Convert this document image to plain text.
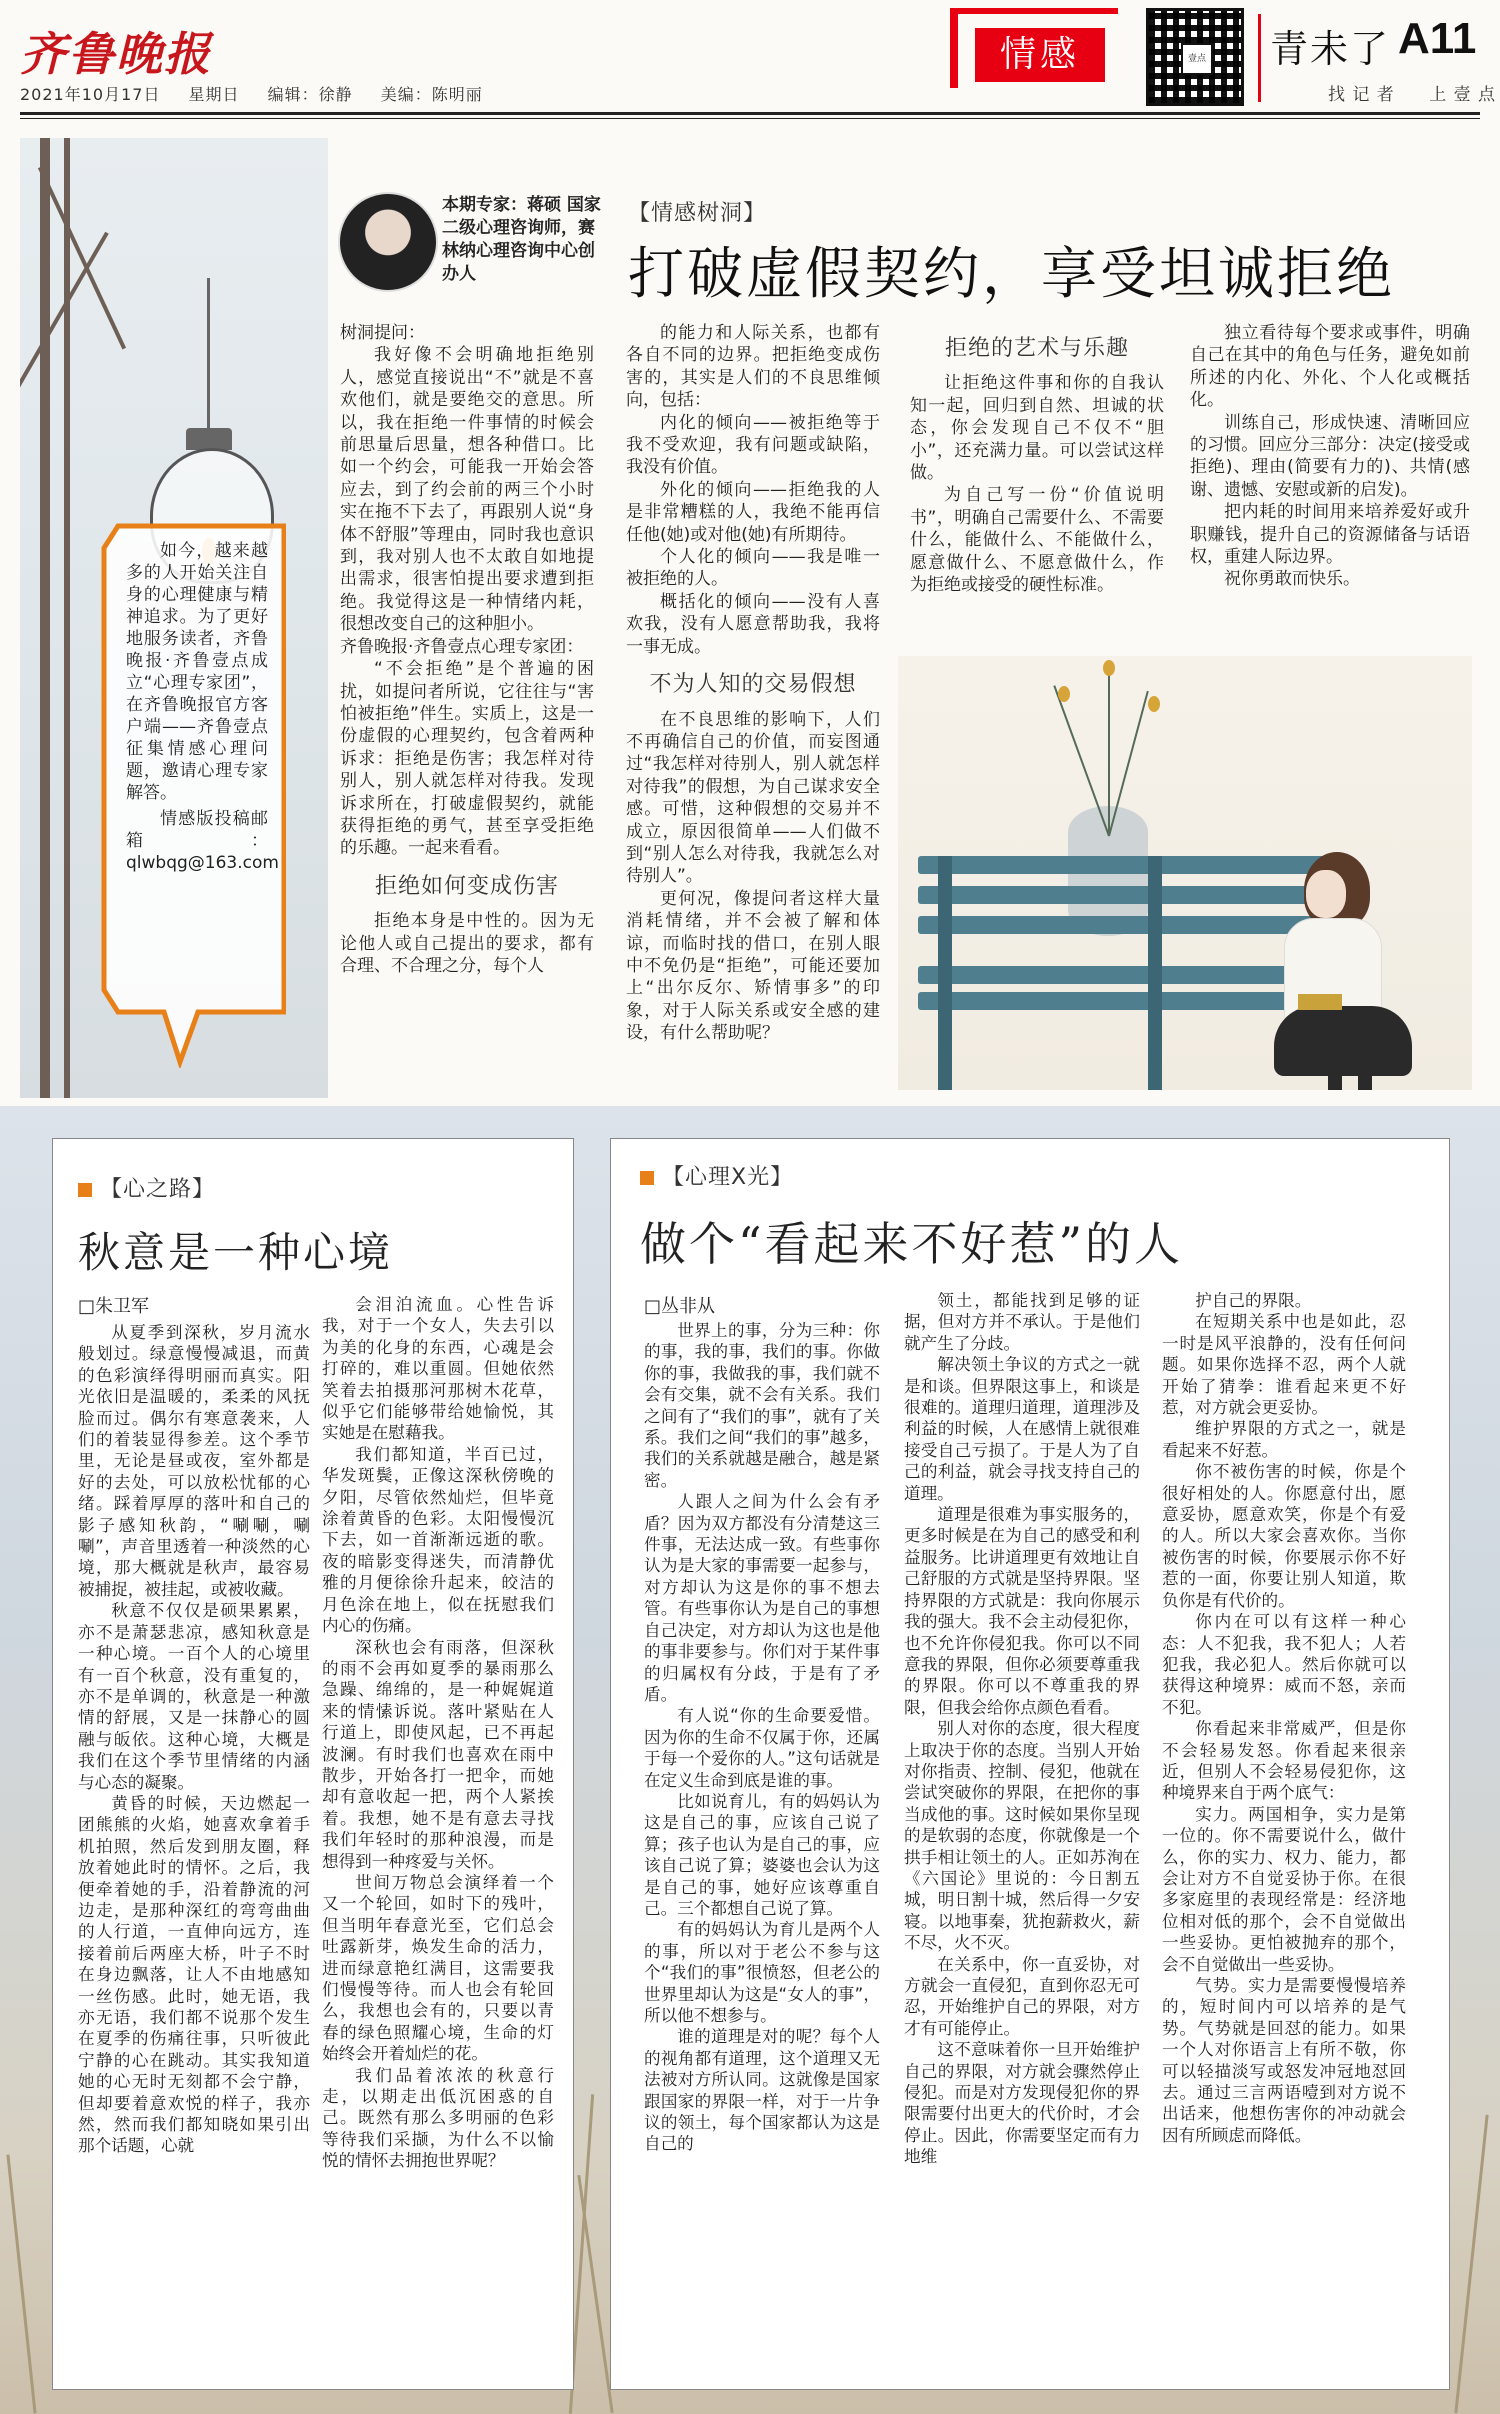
齐鲁晚报
2021年10月17日 星期日 编辑：徐静 美编：陈明丽
情感	壹点 青未了 A11
找 记 者 上 壹 点

如今，越来越多的人开始关注自身的心理健康与精神追求。为了更好地服务读者，齐鲁晚报·齐鲁壹点成立“心理专家团”，在齐鲁晚报官方客户端——齐鲁壹点征集情感心理问题，邀请心理专家解答。

情感版投稿邮箱：qlwbqg@163.com

本期专家：蒋硕 国家二级心理咨询师，赛林纳心理咨询中心创办人
【情感树洞】
打破虚假契约，享受坦诚拒绝

树洞提问：

我好像不会明确地拒绝别人，感觉直接说出“不”就是不喜欢他们，就是要绝交的意思。所以，我在拒绝一件事情的时候会前思量后思量，想各种借口。比如一个约会，可能我一开始会答应去，到了约会前的两三个小时实在拖不下去了，再跟别人说“身体不舒服”等理由，同时我也意识到，我对别人也不太敢自如地提出需求，很害怕提出要求遭到拒绝。我觉得这是一种情绪内耗，很想改变自己的这种胆小。

齐鲁晚报·齐鲁壹点心理专家团：

“不会拒绝”是个普遍的困扰，如提问者所说，它往往与“害怕被拒绝”伴生。实质上，这是一份虚假的心理契约，包含着两种诉求：拒绝是伤害；我怎样对待别人，别人就怎样对待我。发现诉求所在，打破虚假契约，就能获得拒绝的勇气，甚至享受拒绝的乐趣。一起来看看。

拒绝如何变成伤害

拒绝本身是中性的。因为无论他人或自己提出的要求，都有合理、不合理之分，每个人

的能力和人际关系，也都有各自不同的边界。把拒绝变成伤害的，其实是人们的不良思维倾向，包括：

内化的倾向——被拒绝等于我不受欢迎，我有问题或缺陷，我没有价值。

外化的倾向——拒绝我的人是非常糟糕的人，我绝不能再信任他(她)或对他(她)有所期待。

个人化的倾向——我是唯一被拒绝的人。

概括化的倾向——没有人喜欢我，没有人愿意帮助我，我将一事无成。

不为人知的交易假想

在不良思维的影响下，人们不再确信自己的价值，而妄图通过“我怎样对待别人，别人就怎样对待我”的假想，为自己谋求安全感。可惜，这种假想的交易并不成立，原因很简单——人们做不到“别人怎么对待我，我就怎么对待别人”。

更何况，像提问者这样大量消耗情绪，并不会被了解和体谅，而临时找的借口，在别人眼中不免仍是“拒绝”，可能还要加上“出尔反尔、矫情事多”的印象，对于人际关系或安全感的建设，有什么帮助呢？

拒绝的艺术与乐趣

让拒绝这件事和你的自我认知一起，回归到自然、坦诚的状态，你会发现自己不仅不“胆小”，还充满力量。可以尝试这样做。

为自己写一份“价值说明书”，明确自己需要什么、不需要什么，能做什么、不能做什么，愿意做什么、不愿意做什么，作为拒绝或接受的硬性标准。

独立看待每个要求或事件，明确自己在其中的角色与任务，避免如前所述的内化、外化、个人化或概括化。

训练自己，形成快速、清晰回应的习惯。回应分三部分：决定(接受或拒绝)、理由(简要有力的)、共情(感谢、遗憾、安慰或新的启发)。

把内耗的时间用来培养爱好或升职赚钱，提升自己的资源储备与话语权，重建人际边界。

祝你勇敢而快乐。

【心之路】
秋意是一种心境
□朱卫军

从夏季到深秋，岁月流水般划过。绿意慢慢减退，而黄的色彩演绎得明丽而真实。阳光依旧是温暖的，柔柔的风抚脸而过。偶尔有寒意袭来，人们的着装显得参差。这个季节里，无论是昼或夜，室外都是好的去处，可以放松忧郁的心绪。踩着厚厚的落叶和自己的影子感知秋韵，“唰唰，唰唰”，声音里透着一种淡然的心境，那大概就是秋声，最容易被捕捉，被挂起，或被收藏。

秋意不仅仅是硕果累累，亦不是萧瑟悲凉，感知秋意是一种心境。一百个人的心境里有一百个秋意，没有重复的，亦不是单调的，秋意是一种激情的舒展，又是一抹静心的圆融与皈依。这种心境，大概是我们在这个季节里情绪的内涵与心态的凝聚。

黄昏的时候，天边燃起一团熊熊的火焰，她喜欢拿着手机拍照，然后发到朋友圈，释放着她此时的情怀。之后，我便牵着她的手，沿着静流的河边走，是那种深红的弯弯曲曲的人行道，一直伸向远方，连接着前后两座大桥，叶子不时在身边飘落，让人不由地感知一丝伤感。此时，她无语，我亦无语，我们都不说那个发生在夏季的伤痛往事，只听彼此宁静的心在跳动。其实我知道她的心无时无刻都不会宁静，但却要着意欢悦的样子，我亦然，然而我们都知晓如果引出那个话题，心就

会泪泊流血。心性告诉我，对于一个女人，失去引以为美的化身的东西，心魂是会打碎的，难以重圆。但她依然笑着去拍摄那河那树木花草，似乎它们能够带给她愉悦，其实她是在慰藉我。

我们都知道，半百已过，华发斑鬓，正像这深秋傍晚的夕阳，尽管依然灿烂，但毕竟涂着黄昏的色彩。太阳慢慢沉下去，如一首渐渐远逝的歌。夜的暗影变得迷失，而清静优雅的月便徐徐升起来，皎洁的月色涂在地上，似在抚慰我们内心的伤痛。

深秋也会有雨落，但深秋的雨不会再如夏季的暴雨那么急躁、绵绵的，是一种娓娓道来的情愫诉说。落叶紧贴在人行道上，即使风起，已不再起波澜。有时我们也喜欢在雨中散步，开始各打一把伞，而她却有意收起一把，两个人紧挨着。我想，她不是有意去寻找我们年轻时的那种浪漫，而是想得到一种疼爱与关怀。

世间万物总会演绎着一个又一个轮回，如时下的残叶，但当明年春意光至，它们总会吐露新芽，焕发生命的活力，进而绿意艳红满目，这需要我们慢慢等待。而人也会有轮回么，我想也会有的，只要以青春的绿色照耀心境，生命的灯始终会开着灿烂的花。

我们品着浓浓的秋意行走，以期走出低沉困惑的自己。既然有那么多明丽的色彩等待我们采撷，为什么不以愉悦的情怀去拥抱世界呢？

【心理X光】
做个“看起来不好惹”的人
□丛非从

世界上的事，分为三种：你的事，我的事，我们的事。你做你的事，我做我的事，我们就不会有交集，就不会有关系。我们之间有了“我们的事”，就有了关系。我们之间“我们的事”越多，我们的关系就越是融合，越是紧密。

人跟人之间为什么会有矛盾？因为双方都没有分清楚这三件事，无法达成一致。有些事你认为是大家的事需要一起参与，对方却认为这是你的事不想去管。有些事你认为是自己的事想自己决定，对方却认为这也是他的事非要参与。你们对于某件事的归属权有分歧，于是有了矛盾。

有人说“你的生命要爱惜。因为你的生命不仅属于你，还属于每一个爱你的人。”这句话就是在定义生命到底是谁的事。

比如说育儿，有的妈妈认为这是自己的事，应该自己说了算；孩子也认为是自己的事，应该自己说了算；婆婆也会认为这是自己的事，她好应该尊重自己。三个都想自己说了算。

有的妈妈认为育儿是两个人的事，所以对于老公不参与这个“我们的事”很愤怒，但老公的世界里却认为这是“女人的事”，所以他不想参与。

谁的道理是对的呢？每个人的视角都有道理，这个道理又无法被对方所认同。这就像是国家跟国家的界限一样，对于一片争议的领土，每个国家都认为这是自己的

领土，都能找到足够的证据，但对方并不承认。于是他们就产生了分歧。

解决领土争议的方式之一就是和谈。但界限这事上，和谈是很难的。道理归道理，道理涉及利益的时候，人在感情上就很难接受自己亏损了。于是人为了自己的利益，就会寻找支持自己的道理。

道理是很难为事实服务的，更多时候是在为自己的感受和利益服务。比讲道理更有效地让自己舒服的方式就是坚持界限。坚持界限的方式就是：我向你展示我的强大。我不会主动侵犯你，也不允许你侵犯我。你可以不同意我的界限，但你必须要尊重我的界限。你可以不尊重我的界限，但我会给你点颜色看看。

别人对你的态度，很大程度上取决于你的态度。当别人开始对你指责、控制、侵犯，他就在尝试突破你的界限，在把你的事当成他的事。这时候如果你呈现的是软弱的态度，你就像是一个拱手相让领土的人。正如苏洵在《六国论》里说的：今日割五城，明日割十城，然后得一夕安寝。以地事秦，犹抱薪救火，薪不尽，火不灭。

在关系中，你一直妥协，对方就会一直侵犯，直到你忍无可忍，开始维护自己的界限，对方才有可能停止。

这不意味着你一旦开始维护自己的界限，对方就会骤然停止侵犯。而是对方发现侵犯你的界限需要付出更大的代价时，才会停止。因此，你需要坚定而有力地维

护自己的界限。

在短期关系中也是如此，忍一时是风平浪静的，没有任何问题。如果你选择不忍，两个人就开始了猜拳：谁看起来更不好惹，对方就会更妥协。

维护界限的方式之一，就是看起来不好惹。

你不被伤害的时候，你是个很好相处的人。你愿意付出，愿意妥协，愿意欢笑，你是个有爱的人。所以大家会喜欢你。当你被伤害的时候，你要展示你不好惹的一面，你要让别人知道，欺负你是有代价的。

你内在可以有这样一种心态：人不犯我，我不犯人；人若犯我，我必犯人。然后你就可以获得这种境界：威而不怒，亲而不犯。

你看起来非常威严，但是你不会轻易发怒。你看起来很亲近，但别人不会轻易侵犯你，这种境界来自于两个底气：

实力。两国相争，实力是第一位的。你不需要说什么，做什么，你的实力、权力、能力，都会让对方不自觉妥协于你。在很多家庭里的表现经常是：经济地位相对低的那个，会不自觉做出一些妥协。更怕被抛弃的那个，会不自觉做出一些妥协。

气势。实力是需要慢慢培养的，短时间内可以培养的是气势。气势就是回怼的能力。如果一个人对你语言上有所不敬，你可以轻描淡写或怒发冲冠地怼回去。通过三言两语噎到对方说不出话来，他想伤害你的冲动就会因有所顾虑而降低。
